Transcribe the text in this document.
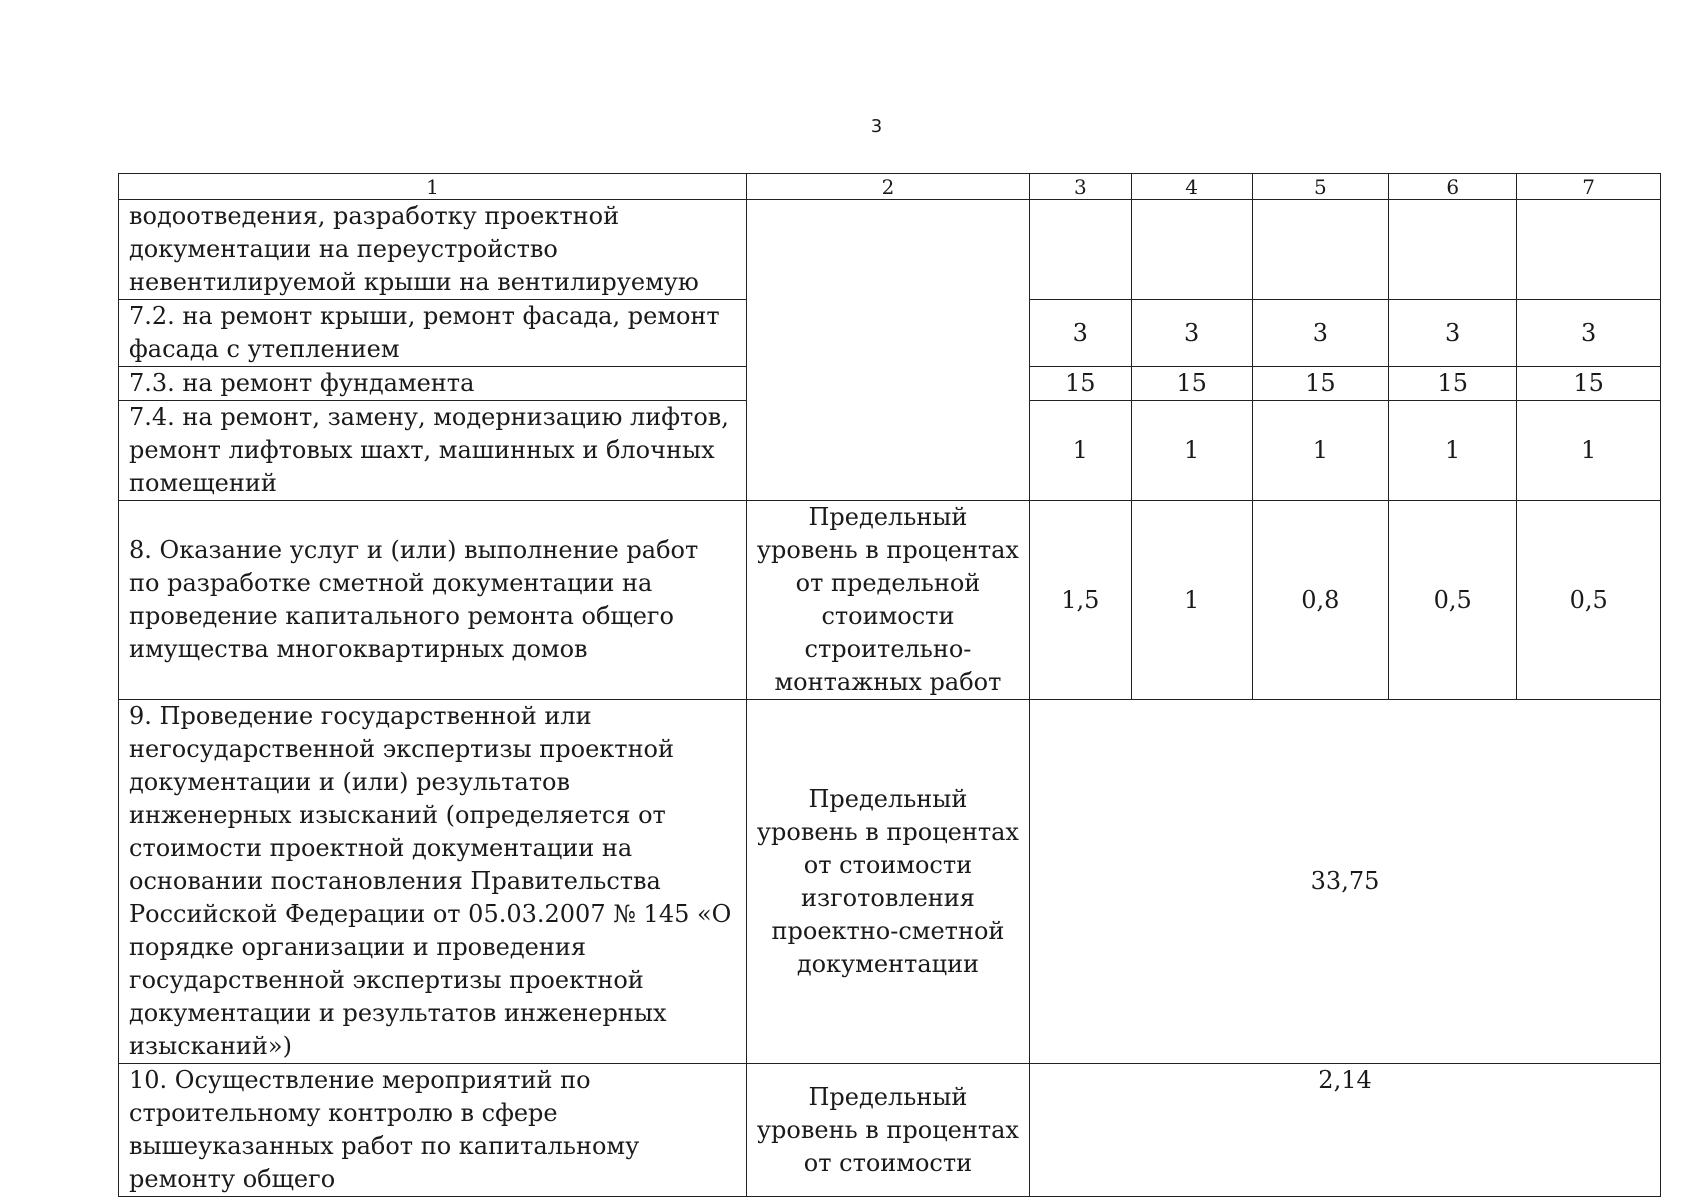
3
1	2	3	4	5	6	7
водоотведения, разработку проектной документации на переустройство невентилируемой крыши на вентилируемую						
7.2. на ремонт крыши, ремонт фасада, ремонт фасада с утеплением		3	3	3	3	3
7.3. на ремонт фундамента		15	15	15	15	15
7.4. на ремонт, замену, модернизацию лифтов, ремонт лифтовых шахт, машинных и блочных помещений		1	1	1	1	1
8. Оказание услуг и (или) выполнение работ по разработке сметной документации на проведение капитального ремонта общего имущества многоквартирных домов	Предельный уровень в процентах от предельной стоимости строительно-монтажных работ	1,5	1	0,8	0,5	0,5
9. Проведение государственной или негосударственной экспертизы проектной документации и (или) результатов инженерных изысканий (определяется от стоимости проектной документации на основании постановления Правительства Российской Федерации от 05.03.2007 № 145 «О порядке организации и проведения государственной экспертизы проектной документации и результатов инженерных изысканий»)	Предельный уровень в процентах от стоимости изготовления проектно-сметной документации	33,75				
10. Осуществление мероприятий по строительному контролю в сфере вышеуказанных работ по капитальному ремонту общего	Предельный уровень в процентах от стоимости	2,14				
